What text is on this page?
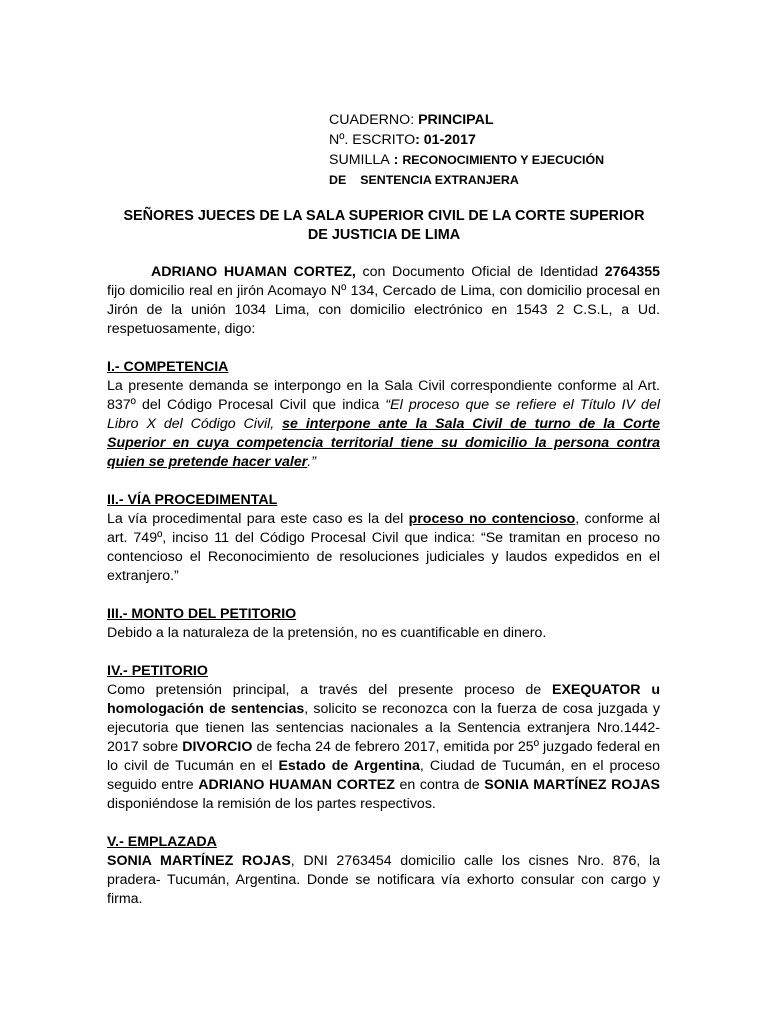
CUADERNO: PRINCIPAL
Nº. ESCRITO: 01-2017
SUMILLA : RECONOCIMIENTO Y EJECUCIÓN
DE SENTENCIA EXTRANJERA
SEÑORES JUECES DE LA SALA SUPERIOR CIVIL DE LA CORTE SUPERIOR
DE JUSTICIA DE LIMA

ADRIANO HUAMAN CORTEZ, con Documento Oficial de Identidad 2764355 fijo domicilio real en jirón Acomayo Nº 134, Cercado de Lima, con domicilio procesal en Jirón de la unión 1034 Lima, con domicilio electrónico en 1543 2 C.S.L, a Ud. respetuosamente, digo:

I.- COMPETENCIA

La presente demanda se interpongo en la Sala Civil correspondiente conforme al Art. 837º del Código Procesal Civil que indica “El proceso que se refiere el Título IV del Libro X del Código Civil, se interpone ante la Sala Civil de turno de la Corte Superior en cuya competencia territorial tiene su domicilio la persona contra quien se pretende hacer valer.”

II.- VÍA PROCEDIMENTAL

La vía procedimental para este caso es la del proceso no contencioso, conforme al art. 749º, inciso 11 del Código Procesal Civil que indica: “Se tramitan en proceso no contencioso el Reconocimiento de resoluciones judiciales y laudos expedidos en el extranjero.”

III.- MONTO DEL PETITORIO

Debido a la naturaleza de la pretensión, no es cuantificable en dinero.

IV.- PETITORIO

Como pretensión principal, a través del presente proceso de EXEQUATOR u homologación de sentencias, solicito se reconozca con la fuerza de cosa juzgada y ejecutoria que tienen las sentencias nacionales a la Sentencia extranjera Nro.1442-2017 sobre DIVORCIO de fecha 24 de febrero 2017, emitida por 25º juzgado federal en lo civil de Tucumán en el Estado de Argentina, Ciudad de Tucumán, en el proceso seguido entre ADRIANO HUAMAN CORTEZ en contra de SONIA MARTÍNEZ ROJAS disponiéndose la remisión de los partes respectivos.

V.- EMPLAZADA

SONIA MARTÍNEZ ROJAS, DNI 2763454 domicilio calle los cisnes Nro. 876, la pradera- Tucumán, Argentina. Donde se notificara vía exhorto consular con cargo y firma.
